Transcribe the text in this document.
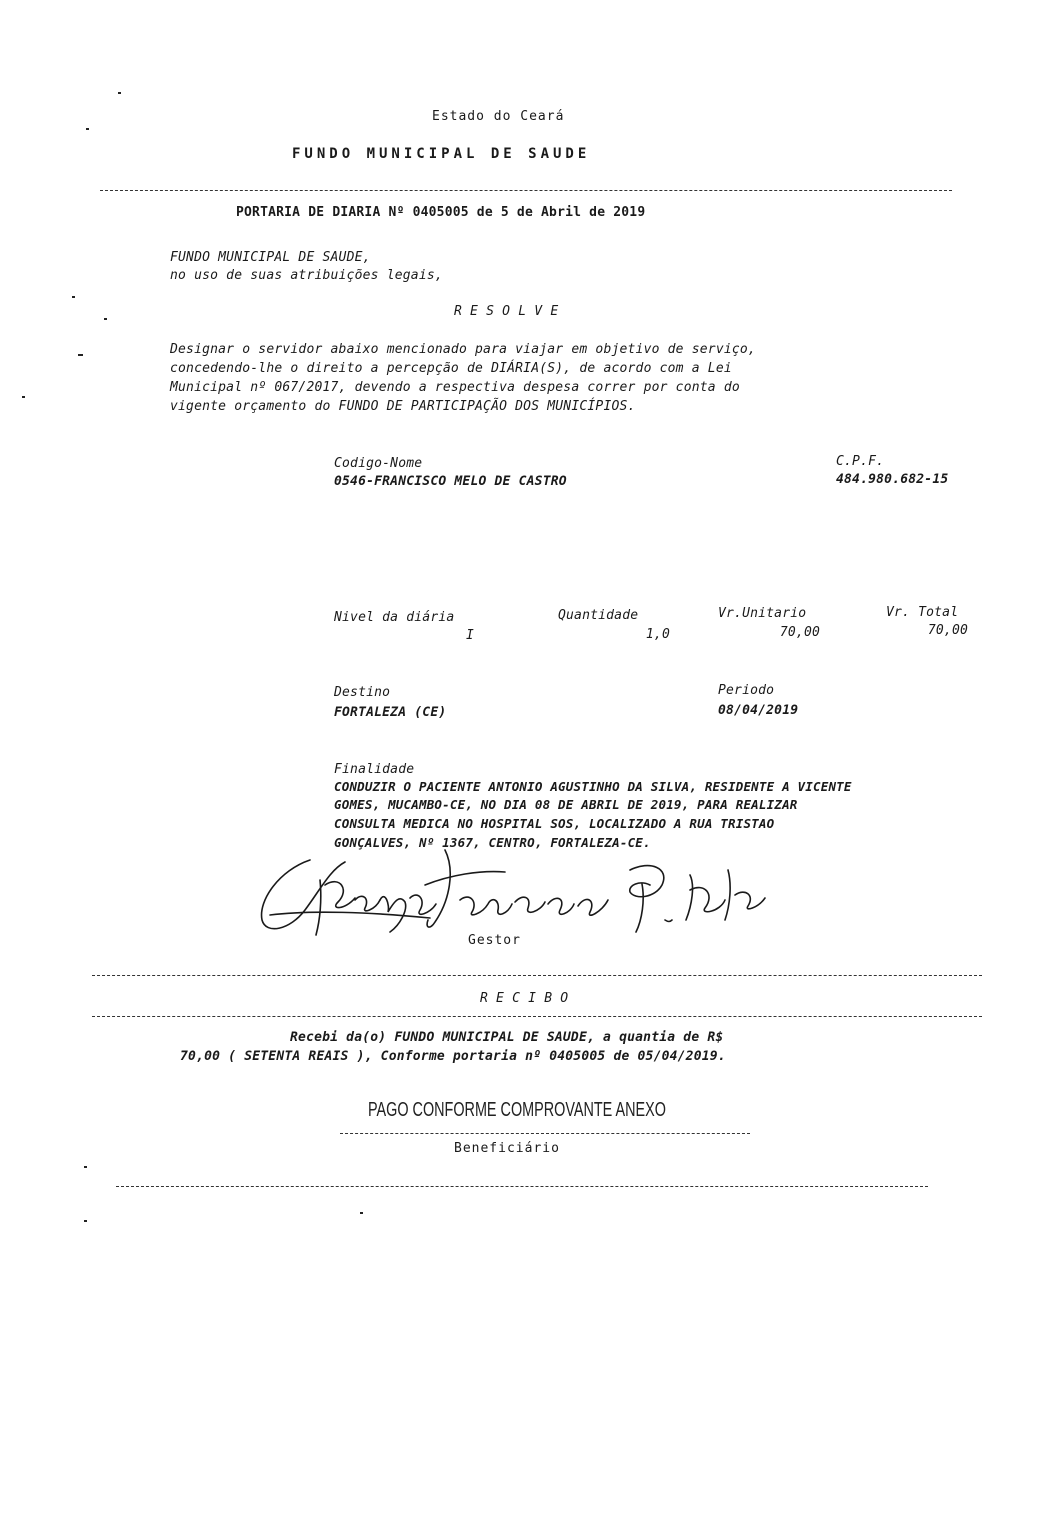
Estado do Ceará
FUNDO MUNICIPAL DE SAUDE
PORTARIA DE DIARIA Nº 0405005 de 5 de Abril de 2019
FUNDO MUNICIPAL DE SAUDE,
no uso de suas atribuições legais,
R E S O L V E
Designar o servidor abaixo mencionado para viajar em objetivo de serviço,
concedendo-lhe o direito a percepção de DIÁRIA(S), de acordo com a Lei
Municipal nº 067/2017, devendo a respectiva despesa correr por conta do
vigente orçamento do FUNDO DE PARTICIPAÇÃO DOS MUNICÍPIOS.
Codigo-Nome
0546-FRANCISCO MELO DE CASTRO
C.P.F.
484.980.682-15
Nivel da diária
I
Quantidade
1,0
Vr.Unitario
70,00
Vr. Total
70,00
Destino
FORTALEZA (CE)
Periodo
08/04/2019
Finalidade
CONDUZIR O PACIENTE ANTONIO AGUSTINHO DA SILVA, RESIDENTE A VICENTE
GOMES, MUCAMBO-CE, NO DIA 08 DE ABRIL DE 2019, PARA REALIZAR
CONSULTA MEDICA NO HOSPITAL SOS, LOCALIZADO A RUA TRISTAO
GONÇALVES, Nº 1367, CENTRO, FORTALEZA-CE.
Gestor
R E C I B O
Recebi da(o) FUNDO MUNICIPAL DE SAUDE, a quantia de R$
70,00 ( SETENTA REAIS ), Conforme portaria nº 0405005 de 05/04/2019.
PAGO CONFORME COMPROVANTE ANEXO
Beneficiário
